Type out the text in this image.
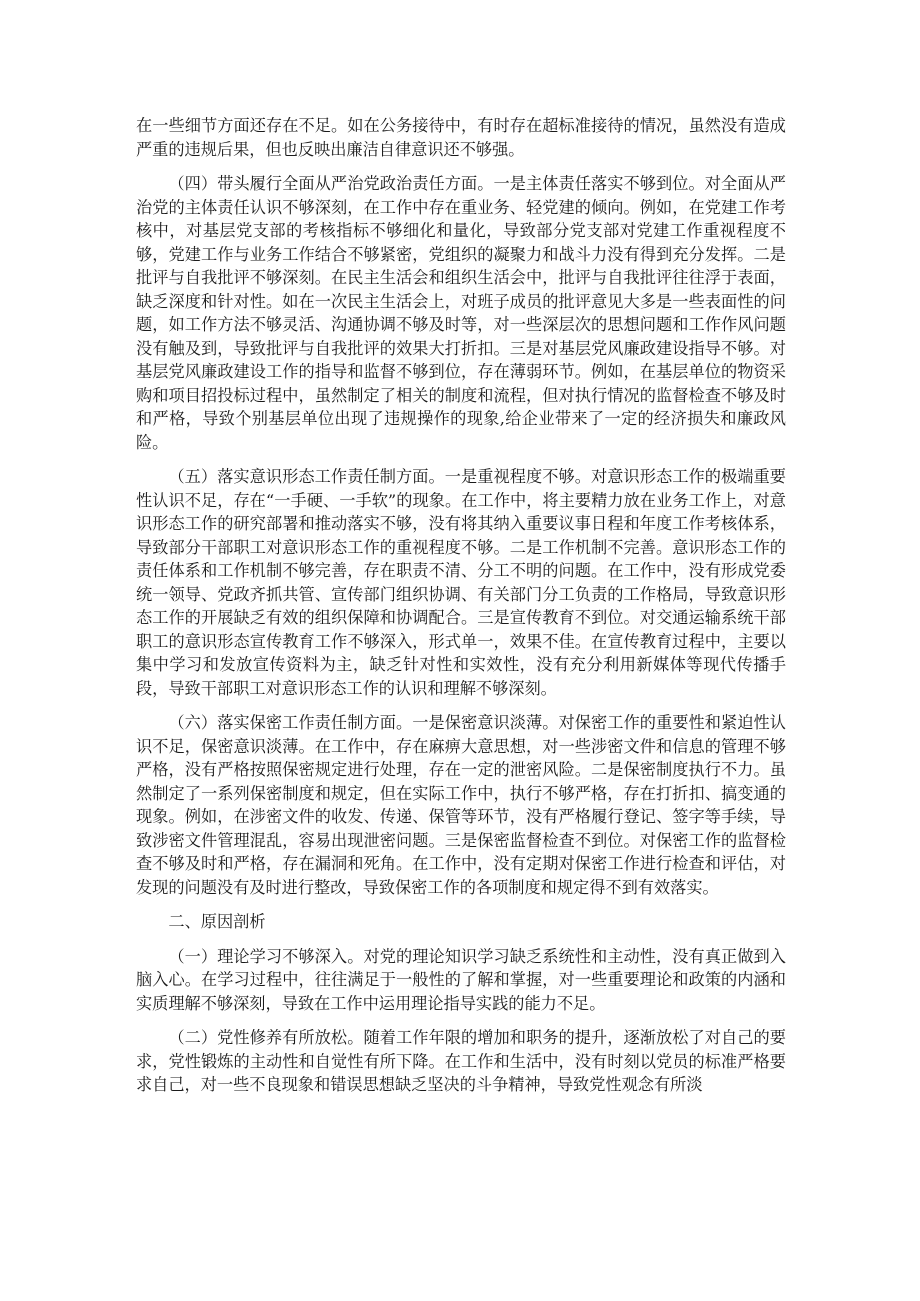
在一些细节方面还存在不足。如在公务接待中，有时存在超标准接待的情况，虽然没有造成严重的违规后果，但也反映出廉洁自律意识还不够强。

（四）带头履行全面从严治党政治责任方面。一是主体责任落实不够到位。对全面从严治党的主体责任认识不够深刻，在工作中存在重业务、轻党建的倾向。例如，在党建工作考核中，对基层党支部的考核指标不够细化和量化，导致部分党支部对党建工作重视程度不够，党建工作与业务工作结合不够紧密，党组织的凝聚力和战斗力没有得到充分发挥。二是批评与自我批评不够深刻。在民主生活会和组织生活会中，批评与自我批评往往浮于表面，缺乏深度和针对性。如在一次民主生活会上，对班子成员的批评意见大多是一些表面性的问题，如工作方法不够灵活、沟通协调不够及时等，对一些深层次的思想问题和工作作风问题没有触及到，导致批评与自我批评的效果大打折扣。三是对基层党风廉政建设指导不够。对基层党风廉政建设工作的指导和监督不够到位，存在薄弱环节。例如，在基层单位的物资采购和项目招投标过程中，虽然制定了相关的制度和流程，但对执行情况的监督检查不够及时和严格，导致个别基层单位出现了违规操作的现象,给企业带来了一定的经济损失和廉政风险。

（五）落实意识形态工作责任制方面。一是重视程度不够。对意识形态工作的极端重要性认识不足，存在“一手硬、一手软”的现象。在工作中，将主要精力放在业务工作上，对意识形态工作的研究部署和推动落实不够，没有将其纳入重要议事日程和年度工作考核体系，导致部分干部职工对意识形态工作的重视程度不够。二是工作机制不完善。意识形态工作的责任体系和工作机制不够完善，存在职责不清、分工不明的问题。在工作中，没有形成党委统一领导、党政齐抓共管、宣传部门组织协调、有关部门分工负责的工作格局，导致意识形态工作的开展缺乏有效的组织保障和协调配合。三是宣传教育不到位。对交通运输系统干部职工的意识形态宣传教育工作不够深入，形式单一，效果不佳。在宣传教育过程中，主要以集中学习和发放宣传资料为主，缺乏针对性和实效性，没有充分利用新媒体等现代传播手段，导致干部职工对意识形态工作的认识和理解不够深刻。

（六）落实保密工作责任制方面。一是保密意识淡薄。对保密工作的重要性和紧迫性认识不足，保密意识淡薄。在工作中，存在麻痹大意思想，对一些涉密文件和信息的管理不够严格，没有严格按照保密规定进行处理，存在一定的泄密风险。二是保密制度执行不力。虽然制定了一系列保密制度和规定，但在实际工作中，执行不够严格，存在打折扣、搞变通的现象。例如，在涉密文件的收发、传递、保管等环节，没有严格履行登记、签字等手续，导致涉密文件管理混乱，容易出现泄密问题。三是保密监督检查不到位。对保密工作的监督检查不够及时和严格，存在漏洞和死角。在工作中，没有定期对保密工作进行检查和评估，对发现的问题没有及时进行整改，导致保密工作的各项制度和规定得不到有效落实。

二、原因剖析

（一）理论学习不够深入。对党的理论知识学习缺乏系统性和主动性，没有真正做到入脑入心。在学习过程中，往往满足于一般性的了解和掌握，对一些重要理论和政策的内涵和实质理解不够深刻，导致在工作中运用理论指导实践的能力不足。

（二）党性修养有所放松。随着工作年限的增加和职务的提升，逐渐放松了对自己的要求，党性锻炼的主动性和自觉性有所下降。在工作和生活中，没有时刻以党员的标准严格要求自己，对一些不良现象和错误思想缺乏坚决的斗争精神，导致党性观念有所淡
